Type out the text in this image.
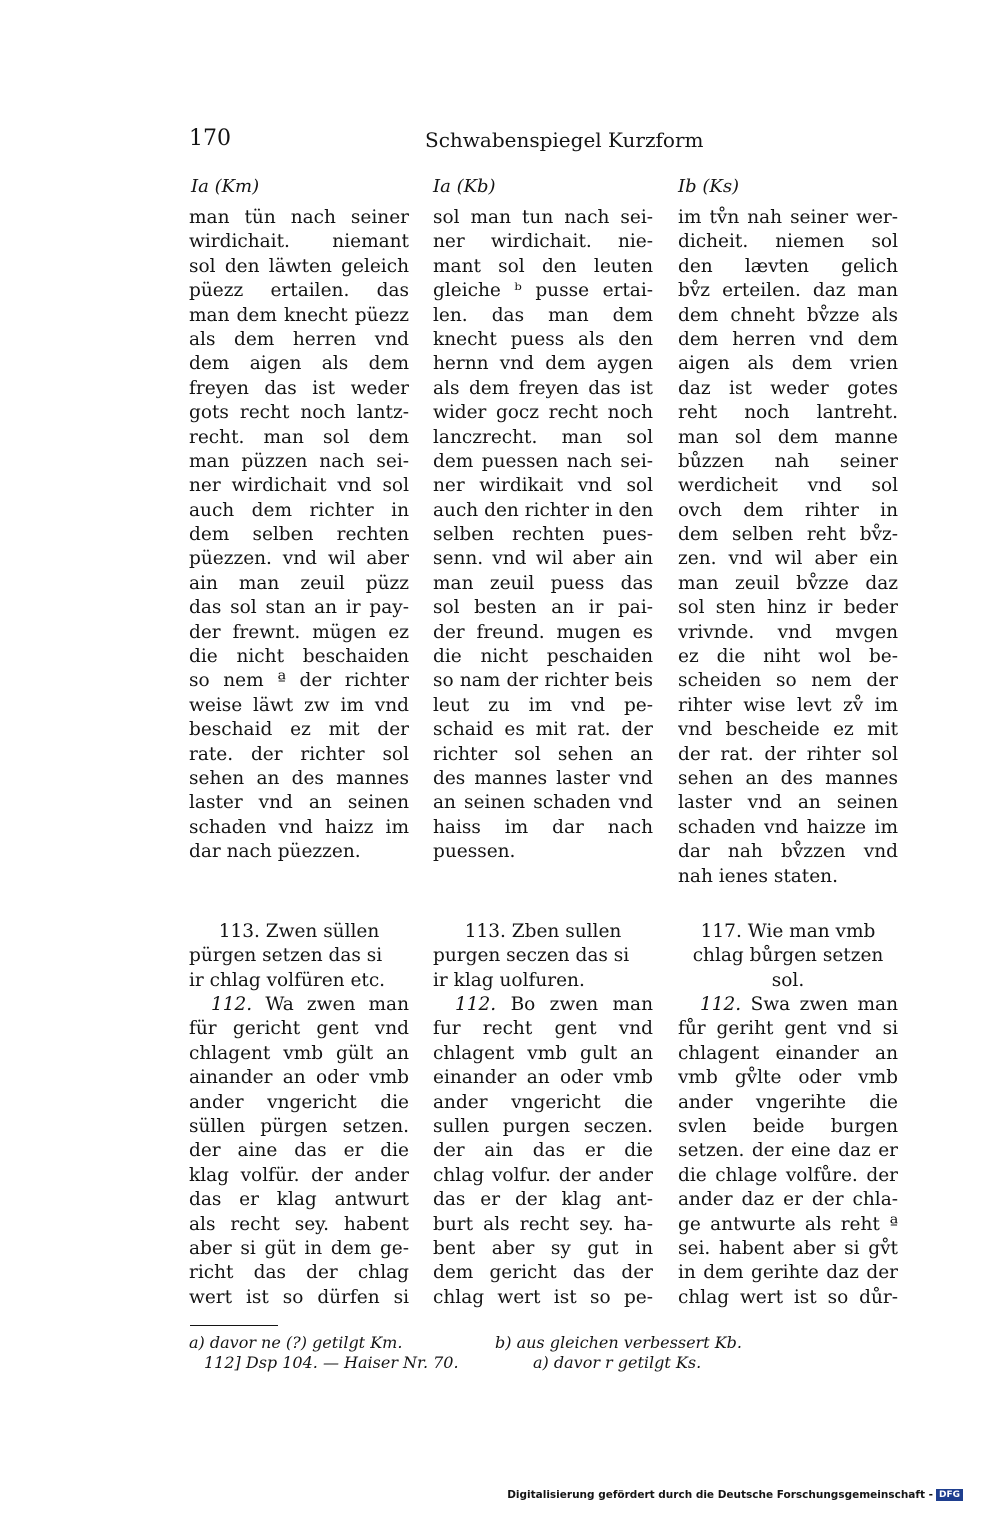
170	Schwabenspiegel Kurzform
Ia (Km)	Ia (Kb)	Ib (Ks)
man tün nach seiner
wirdichait. niemant
sol den läwten geleich
püezz ertailen. das
man dem knecht püezz
als dem herren vnd
dem aigen als dem
freyen das ist weder
gots recht noch lantz-
recht. man sol dem
man püzzen nach sei-
ner wirdichait vnd sol
auch dem richter in
dem selben rechten
püezzen. vnd wil aber
ain man zeuil püzz
das sol stan an ir pay-
der frewnt. mügen ez
die nicht beschaiden
so nem ª der richter
weise läwt zw im vnd
beschaid ez mit der
rate. der richter sol
sehen an des mannes
laster vnd an seinen
schaden vnd haizz im
dar nach püezzen.
sol man tun nach sei-
ner wirdichait. nie-
mant sol den leuten
gleiche ᵇ pusse ertai-
len. das man dem
knecht puess als den
hernn vnd dem aygen
als dem freyen das ist
wider gocz recht noch
lanczrecht. man sol
dem puessen nach sei-
ner wirdikait vnd sol
auch den richter in den
selben rechten pues-
senn. vnd wil aber ain
man zeuil puess das
sol besten an ir pai-
der freund. mugen es
die nicht peschaiden
so nam der richter beis
leut zu im vnd pe-
schaid es mit rat. der
richter sol sehen an
des mannes laster vnd
an seinen schaden vnd
haiss im dar nach
puessen.
im tv̊n nah seiner wer-
dicheit. niemen sol
den lævten gelich
bv̊z erteilen. daz man
dem chneht bv̊zze als
dem herren vnd dem
aigen als dem vrien
daz ist weder gotes
reht noch lantreht.
man sol dem manne
bůzzen nah seiner
werdicheit vnd sol
ovch dem rihter in
dem selben reht bv̊z-
zen. vnd wil aber ein
man zeuil bv̊zze daz
sol sten hinz ir beder
vrivnde. vnd mvgen
ez die niht wol be-
scheiden so nem der
rihter wise levt zv̊ im
vnd bescheide ez mit
der rat. der rihter sol
sehen an des mannes
laster vnd an seinen
schaden vnd haizze im
dar nah bv̊zzen vnd
nah ienes staten.
113. Zwen süllen
pürgen setzen das si
ir chlag volfüren etc.
113. Zben sullen
purgen seczen das si
ir klag uolfuren.
117. Wie man vmb
chlag bůrgen setzen
sol.
112. Wa zwen man
für gericht gent vnd
chlagent vmb gült an
ainander an oder vmb
ander vngericht die
süllen pürgen setzen.
der aine das er die
klag volfür. der ander
das er klag antwurt
als recht sey. habent
aber si güt in dem ge-
richt das der chlag
wert ist so dürfen si
112. Bo zwen man
fur recht gent vnd
chlagent vmb gult an
einander an oder vmb
ander vngericht die
sullen purgen seczen.
der ain das er die
chlag volfur. der ander
das er der klag ant-
burt als recht sey. ha-
bent aber sy gut in
dem gericht das der
chlag wert ist so pe-
112. Swa zwen man
fůr geriht gent vnd si
chlagent einander an
vmb gv̊lte oder vmb
ander vngerihte die
svlen beide burgen
setzen. der eine daz er
die chlage volfůre. der
ander daz er der chla-
ge antwurte als reht ª
sei. habent aber si gv̊t
in dem gerihte daz der
chlag wert ist so důr-
a) davor ne (?) getilgt Km.	b) aus gleichen verbessert Kb.
112] Dsp 104. — Haiser Nr. 70.	a) davor r getilgt Ks.
Digitalisierung gefördert durch die Deutsche Forschungsgemeinschaft - DFG
